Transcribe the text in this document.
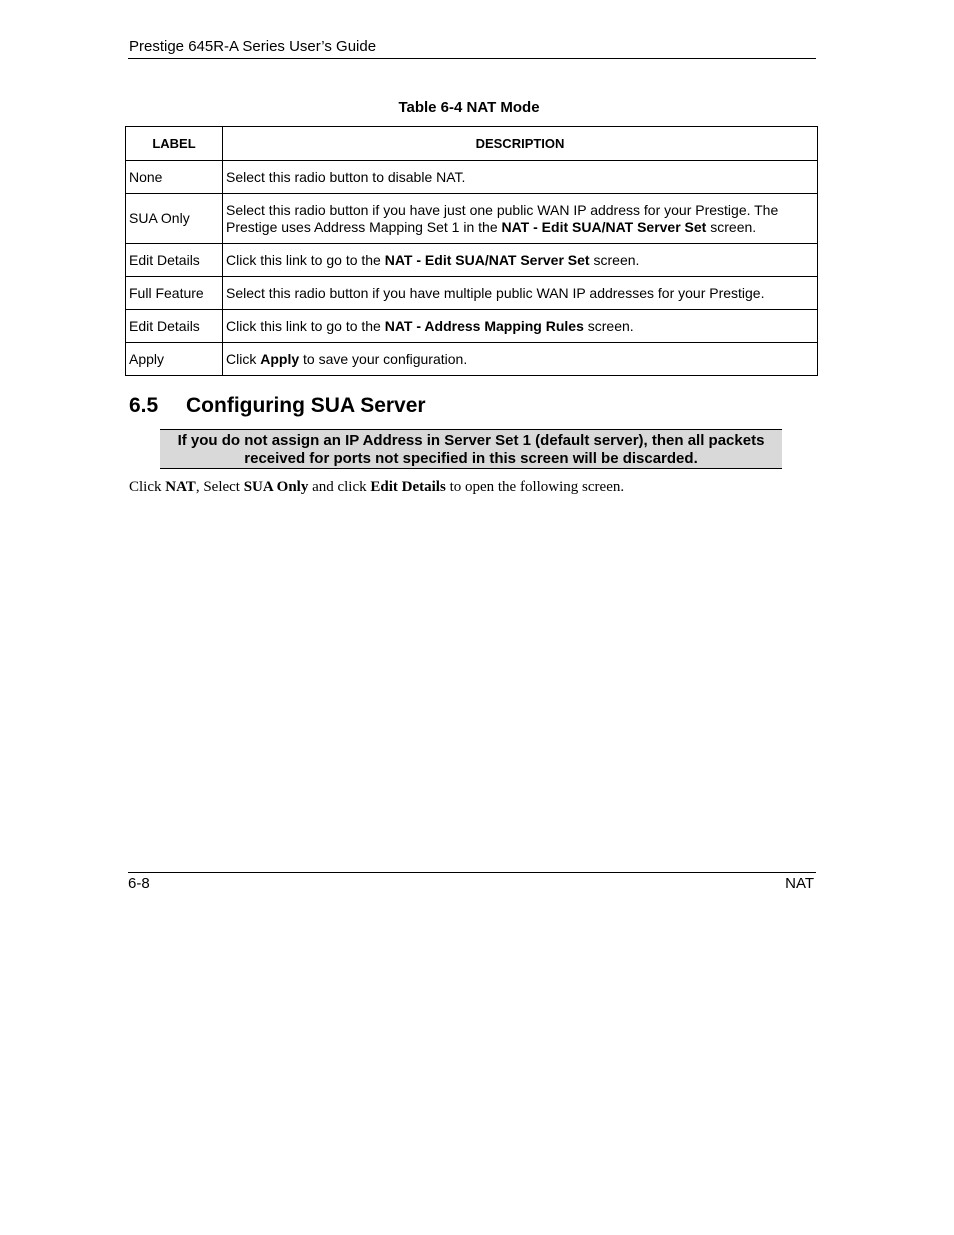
Prestige 645R-A Series User’s Guide
Table 6-4 NAT Mode
LABEL	DESCRIPTION
None	Select this radio button to disable NAT.
SUA Only	Select this radio button if you have just one public WAN IP address for your Prestige. The Prestige uses Address Mapping Set 1 in the NAT - Edit SUA/NAT Server Set screen.
Edit Details	Click this link to go to the NAT - Edit SUA/NAT Server Set screen.
Full Feature	Select this radio button if you have multiple public WAN IP addresses for your Prestige.
Edit Details	Click this link to go to the NAT - Address Mapping Rules screen.
Apply	Click Apply to save your configuration.
6.5 Configuring SUA Server
If you do not assign an IP Address in Server Set 1 (default server), then all packets
received for ports not specified in this screen will be discarded.
Click NAT, Select SUA Only and click Edit Details to open the following screen.
6-8	NAT
